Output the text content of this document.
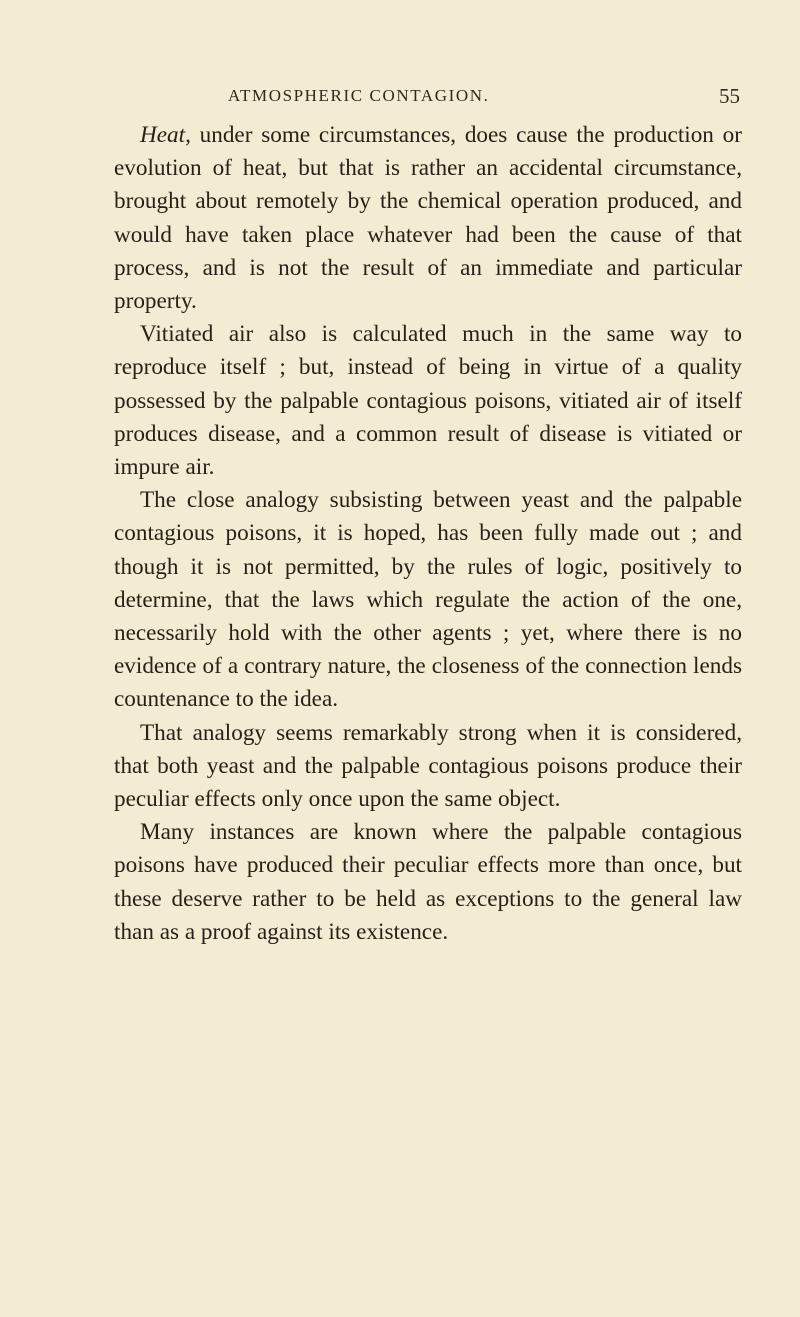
ATMOSPHERIC CONTAGION.	55

Heat, under some circumstances, does cause the production or evolution of heat, but that is rather an accidental circumstance, brought about remotely by the chemical operation produced, and would have taken place whatever had been the cause of that process, and is not the result of an immediate and particular property.

Vitiated air also is calculated much in the same way to reproduce itself ; but, instead of being in virtue of a quality possessed by the palpable contagious poisons, vitiated air of itself produces disease, and a common result of disease is vitiated or impure air.

The close analogy subsisting between yeast and the palpable contagious poisons, it is hoped, has been fully made out ; and though it is not permitted, by the rules of logic, positively to determine, that the laws which regulate the action of the one, necessarily hold with the other agents ; yet, where there is no evidence of a contrary nature, the closeness of the connection lends countenance to the idea.

That analogy seems remarkably strong when it is considered, that both yeast and the palpable contagious poisons produce their peculiar effects only once upon the same object.

Many instances are known where the palpable contagious poisons have produced their peculiar effects more than once, but these deserve rather to be held as exceptions to the general law than as a proof against its existence.
